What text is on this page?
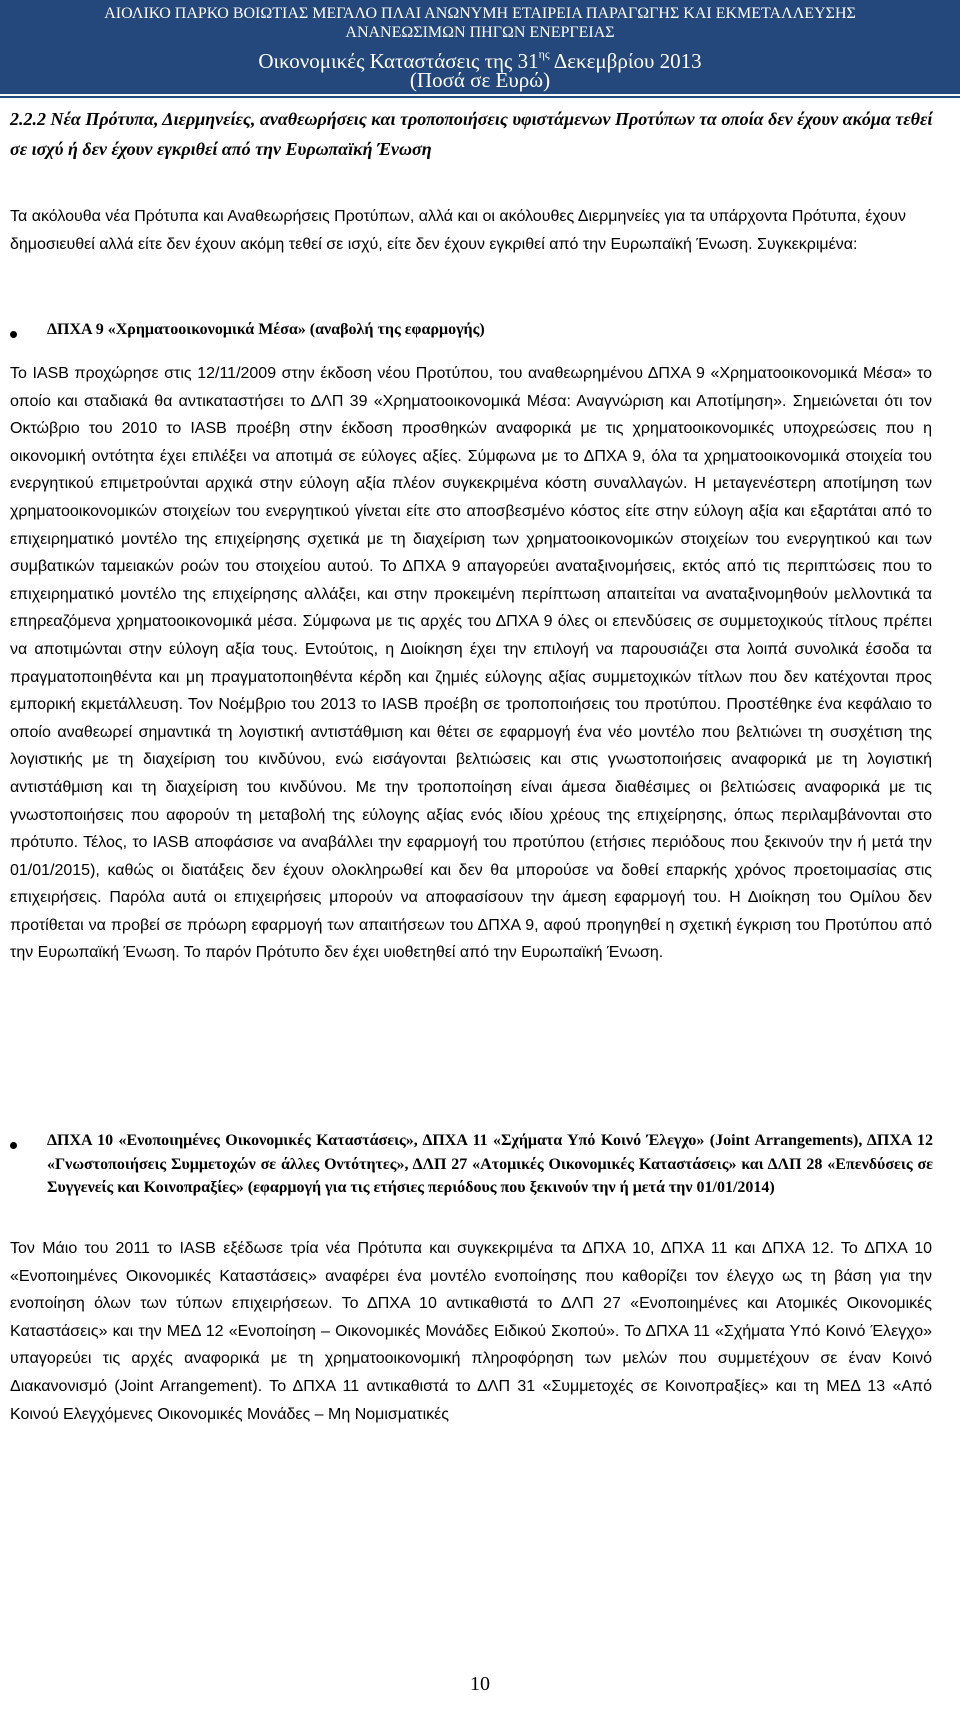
ΑΙΟΛΙΚΟ ΠΑΡΚΟ ΒΟΙΩΤΙΑΣ ΜΕΓΑΛΟ ΠΛΑΙ ΑΝΩΝΥΜΗ ΕΤΑΙΡΕΙΑ ΠΑΡΑΓΩΓΗΣ ΚΑΙ ΕΚΜΕΤΑΛΛΕΥΣΗΣ
ΑΝΑΝΕΩΣΙΜΩΝ ΠΗΓΩΝ ΕΝΕΡΓΕΙΑΣ
Οικονομικές Καταστάσεις της $31^{\eta\varsigma}$ Δεκεμβρίου 2013
(Ποσά σε Ευρώ)
2.2.2 Νέα Πρότυπα, Διερμηνείες, αναθεωρήσεις και τροποποιήσεις υφιστάμενων Προτύπων τα οποία δεν έχουν ακόμα τεθεί σε ισχύ ή δεν έχουν εγκριθεί από την Ευρωπαϊκή Ένωση
Τα ακόλουθα νέα Πρότυπα και Αναθεωρήσεις Προτύπων, αλλά και οι ακόλουθες Διερμηνείες για τα υπάρχοντα Πρότυπα, έχουν δημοσιευθεί αλλά είτε δεν έχουν ακόμη τεθεί σε ισχύ, είτε δεν έχουν εγκριθεί από την Ευρωπαϊκή Ένωση. Συγκεκριμένα:
ΔΠΧΑ 9 «Χρηματοοικονομικά Μέσα» (αναβολή της εφαρμογής)
Το IASB προχώρησε στις 12/11/2009 στην έκδοση νέου Προτύπου, του αναθεωρημένου ΔΠΧΑ 9 «Χρηματοοικονομικά Μέσα» το οποίο και σταδιακά θα αντικαταστήσει το ΔΛΠ 39 «Χρηματοοικονομικά Μέσα: Αναγνώριση και Αποτίμηση». Σημειώνεται ότι τον Οκτώβριο του 2010 το IASB προέβη στην έκδοση προσθηκών αναφορικά με τις χρηματοοικονομικές υποχρεώσεις που η οικονομική οντότητα έχει επιλέξει να αποτιμά σε εύλογες αξίες. Σύμφωνα με το ΔΠΧΑ 9, όλα τα χρηματοοικονομικά στοιχεία του ενεργητικού επιμετρούνται αρχικά στην εύλογη αξία πλέον συγκεκριμένα κόστη συναλλαγών. Η μεταγενέστερη αποτίμηση των χρηματοοικονομικών στοιχείων του ενεργητικού γίνεται είτε στο αποσβεσμένο κόστος είτε στην εύλογη αξία και εξαρτάται από το επιχειρηματικό μοντέλο της επιχείρησης σχετικά με τη διαχείριση των χρηματοοικονομικών στοιχείων του ενεργητικού και των συμβατικών ταμειακών ροών του στοιχείου αυτού. Το ΔΠΧΑ 9 απαγορεύει αναταξινομήσεις, εκτός από τις περιπτώσεις που το επιχειρηματικό μοντέλο της επιχείρησης αλλάξει, και στην προκειμένη περίπτωση απαιτείται να αναταξινομηθούν μελλοντικά τα επηρεαζόμενα χρηματοοικονομικά μέσα. Σύμφωνα με τις αρχές του ΔΠΧΑ 9 όλες οι επενδύσεις σε συμμετοχικούς τίτλους πρέπει να αποτιμώνται στην εύλογη αξία τους. Εντούτοις, η Διοίκηση έχει την επιλογή να παρουσιάζει στα λοιπά συνολικά έσοδα τα πραγματοποιηθέντα και μη πραγματοποιηθέντα κέρδη και ζημιές εύλογης αξίας συμμετοχικών τίτλων που δεν κατέχονται προς εμπορική εκμετάλλευση. Τον Νοέμβριο του 2013 το IASB προέβη σε τροποποιήσεις του προτύπου. Προστέθηκε ένα κεφάλαιο το οποίο αναθεωρεί σημαντικά τη λογιστική αντιστάθμιση και θέτει σε εφαρμογή ένα νέο μοντέλο που βελτιώνει τη συσχέτιση της λογιστικής με τη διαχείριση του κινδύνου, ενώ εισάγονται βελτιώσεις και στις γνωστοποιήσεις αναφορικά με τη λογιστική αντιστάθμιση και τη διαχείριση του κινδύνου. Με την τροποποίηση είναι άμεσα διαθέσιμες οι βελτιώσεις αναφορικά με τις γνωστοποιήσεις που αφορούν τη μεταβολή της εύλογης αξίας ενός ιδίου χρέους της επιχείρησης, όπως περιλαμβάνονται στο πρότυπο. Τέλος, το IASB αποφάσισε να αναβάλλει την εφαρμογή του προτύπου (ετήσιες περιόδους που ξεκινούν την ή μετά την 01/01/2015), καθώς οι διατάξεις δεν έχουν ολοκληρωθεί και δεν θα μπορούσε να δοθεί επαρκής χρόνος προετοιμασίας στις επιχειρήσεις. Παρόλα αυτά οι επιχειρήσεις μπορούν να αποφασίσουν την άμεση εφαρμογή του. Η Διοίκηση του Ομίλου δεν προτίθεται να προβεί σε πρόωρη εφαρμογή των απαιτήσεων του ΔΠΧΑ 9, αφού προηγηθεί η σχετική έγκριση του Προτύπου από την Ευρωπαϊκή Ένωση. Το παρόν Πρότυπο δεν έχει υιοθετηθεί από την Ευρωπαϊκή Ένωση.
ΔΠΧΑ 10 «Ενοποιημένες Οικονομικές Καταστάσεις», ΔΠΧΑ 11 «Σχήματα Υπό Κοινό Έλεγχο» (Joint Arrangements), ΔΠΧΑ 12 «Γνωστοποιήσεις Συμμετοχών σε άλλες Οντότητες», ΔΛΠ 27 «Ατομικές Οικονομικές Καταστάσεις» και ΔΛΠ 28 «Επενδύσεις σε Συγγενείς και Κοινοπραξίες» (εφαρμογή για τις ετήσιες περιόδους που ξεκινούν την ή μετά την 01/01/2014)
Τον Μάιο του 2011 το IASB εξέδωσε τρία νέα Πρότυπα και συγκεκριμένα τα ΔΠΧΑ 10, ΔΠΧΑ 11 και ΔΠΧΑ 12. Το ΔΠΧΑ 10 «Ενοποιημένες Οικονομικές Καταστάσεις» αναφέρει ένα μοντέλο ενοποίησης που καθορίζει τον έλεγχο ως τη βάση για την ενοποίηση όλων των τύπων επιχειρήσεων. Το ΔΠΧΑ 10 αντικαθιστά το ΔΛΠ 27 «Ενοποιημένες και Ατομικές Οικονομικές Καταστάσεις» και την ΜΕΔ 12 «Ενοποίηση – Οικονομικές Μονάδες Ειδικού Σκοπού». Το ΔΠΧΑ 11 «Σχήματα Υπό Κοινό Έλεγχο» υπαγορεύει τις αρχές αναφορικά με τη χρηματοοικονομική πληροφόρηση των μελών που συμμετέχουν σε έναν Κοινό Διακανονισμό (Joint Arrangement). Το ΔΠΧΑ 11 αντικαθιστά το ΔΛΠ 31 «Συμμετοχές σε Κοινοπραξίες» και τη ΜΕΔ 13 «Από Κοινού Ελεγχόμενες Οικονομικές Μονάδες – Μη Νομισματικές
10
